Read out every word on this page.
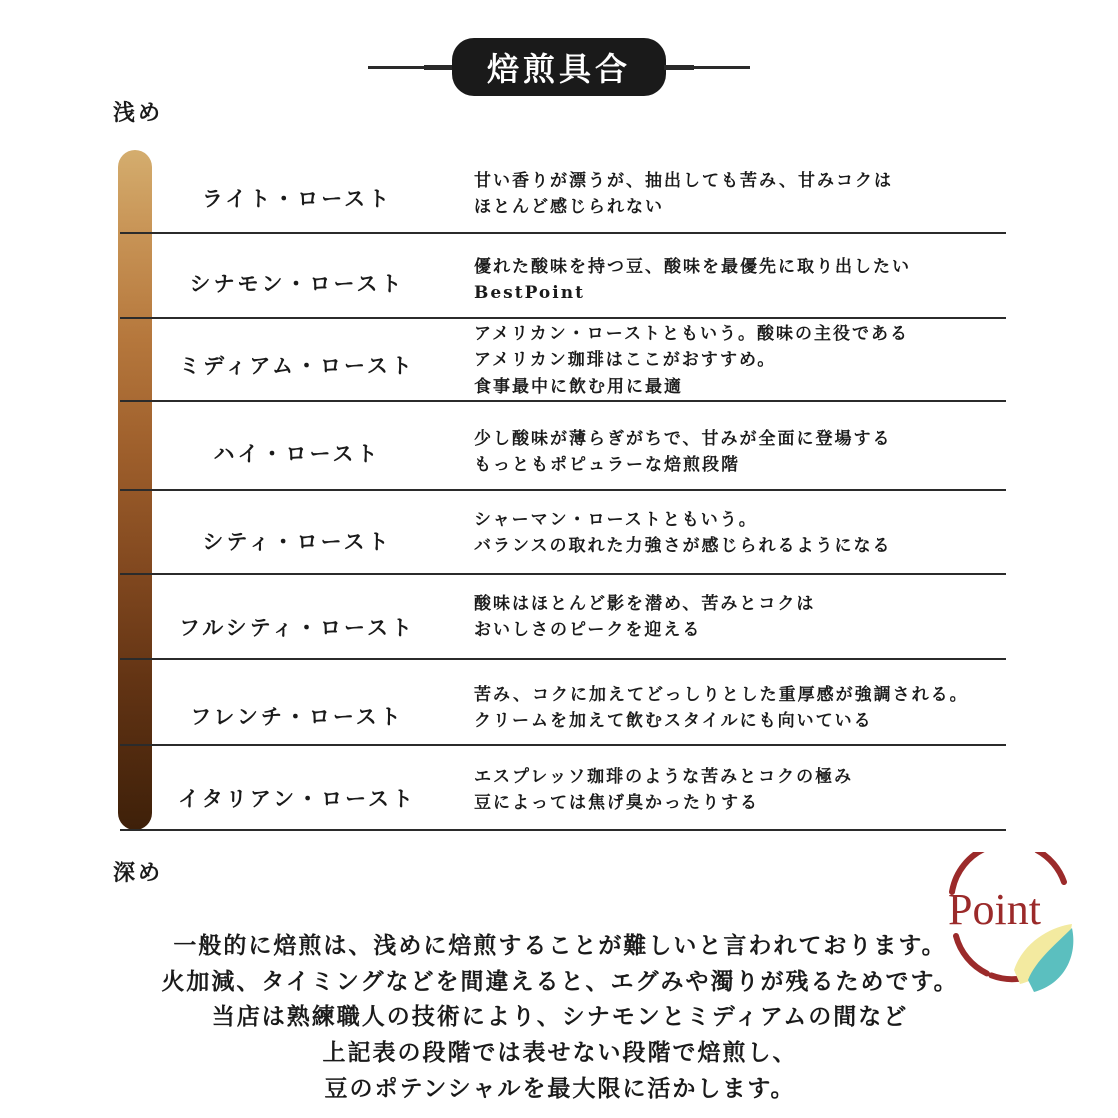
焙煎具合
浅め
ライト・ロースト
甘い香りが漂うが、抽出しても苦み、甘みコクは
ほとんど感じられない
シナモン・ロースト
優れた酸味を持つ豆、酸味を最優先に取り出したい
BestPoint
ミディアム・ロースト
アメリカン・ローストともいう。酸味の主役である
アメリカン珈琲はここがおすすめ。
食事最中に飲む用に最適
ハイ・ロースト
少し酸味が薄らぎがちで、甘みが全面に登場する
もっともポピュラーな焙煎段階
シティ・ロースト
シャーマン・ローストともいう。
バランスの取れた力強さが感じられるようになる
フルシティ・ロースト
酸味はほとんど影を潜め、苦みとコクは
おいしさのピークを迎える
フレンチ・ロースト
苦み、コクに加えてどっしりとした重厚感が強調される。
クリームを加えて飲むスタイルにも向いている
イタリアン・ロースト
エスプレッソ珈琲のような苦みとコクの極み
豆によっては焦げ臭かったりする
深め
Point
一般的に焙煎は、浅めに焙煎することが難しいと言われております。
火加減、タイミングなどを間違えると、エグみや濁りが残るためです。
当店は熟練職人の技術により、シナモンとミディアムの間など
上記表の段階では表せない段階で焙煎し、
豆のポテンシャルを最大限に活かします。
